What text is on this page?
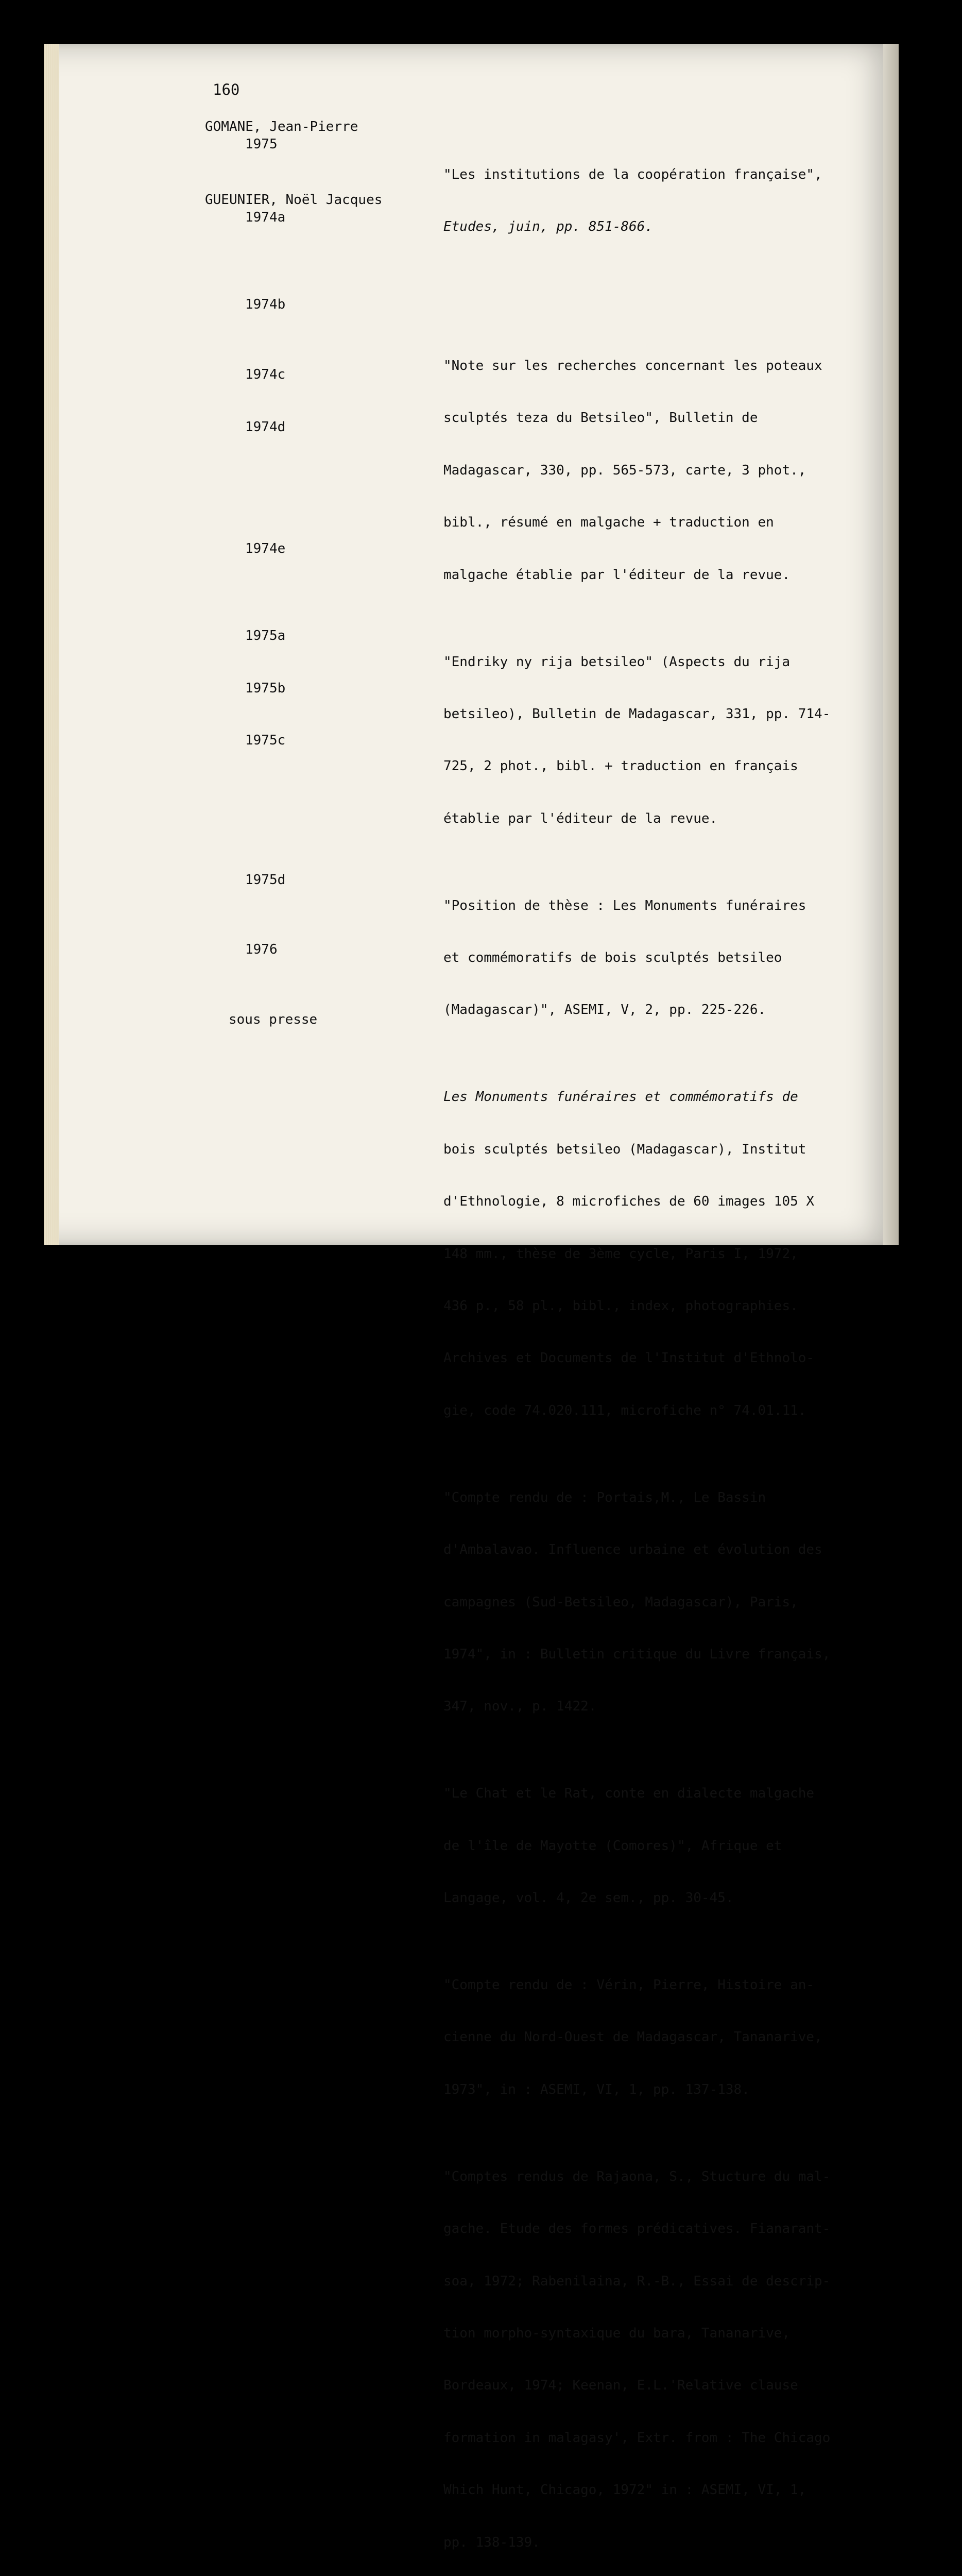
160
GOMANE, Jean-Pierre
1975
GUEUNIER, Noël Jacques
1974a
1974b
1974c
1974d
1974e
1975a
1975b
1975c
1975d
1976
sous presse

"Les institutions de la coopération française",

Etudes, juin, pp. 851-866.

"Note sur les recherches concernant les poteaux

sculptés teza du Betsileo", Bulletin de

Madagascar, 330, pp. 565-573, carte, 3 phot.,

bibl., résumé en malgache + traduction en

malgache établie par l'éditeur de la revue.

"Endriky ny rija betsileo" (Aspects du rija

betsileo), Bulletin de Madagascar, 331, pp. 714-

725, 2 phot., bibl. + traduction en français

établie par l'éditeur de la revue.

"Position de thèse : Les Monuments funéraires

et commémoratifs de bois sculptés betsileo

(Madagascar)", ASEMI, V, 2, pp. 225-226.

Les Monuments funéraires et commémoratifs de

bois sculptés betsileo (Madagascar), Institut

d'Ethnologie, 8 microfiches de 60 images 105 X

148 mm., thèse de 3ème cycle, Paris I, 1972,

436 p., 58 pl., bibl., index, photographies.

Archives et Documents de l'Institut d'Ethnolo-

gie, code 74.020.111, microfiche n° 74.01.11.

"Compte rendu de : Portais,M., Le Bassin

d'Ambalavao. Influence urbaine et évolution des

campagnes (Sud-Betsileo, Madagascar), Paris,

1974", in : Bulletin critique du Livre français,

347, nov., p. 1422.

"Le Chat et le Rat, conte en dialecte malgache

de l'île de Mayotte (Comores)", Afrique et

Langage, vol. 4, 2e sem., pp. 30-45.

"Compte rendu de : Vérin, Pierre, Histoire an-

cienne du Nord-Ouest de Madagascar, Tananarive,

1973", in : ASEMI, VI, 1, pp. 137-138.

"Comptes rendus de Rajaona, S., Stucture du mal-

gache. Etude des formes prédicatives. Fianarant-

soa, 1972; Rabenilaina, R.-B., Essai de descrip-

tion morpho-syntaxique du bara, Tananarive,

Bordeaux, 1974; Keenan, E.L.'Relative clause

formation in malagasy', Extr. from : The Chicago

Which Hunt, Chicago, 1972" in : ASEMI, VI, 1,

pp. 138-139.
